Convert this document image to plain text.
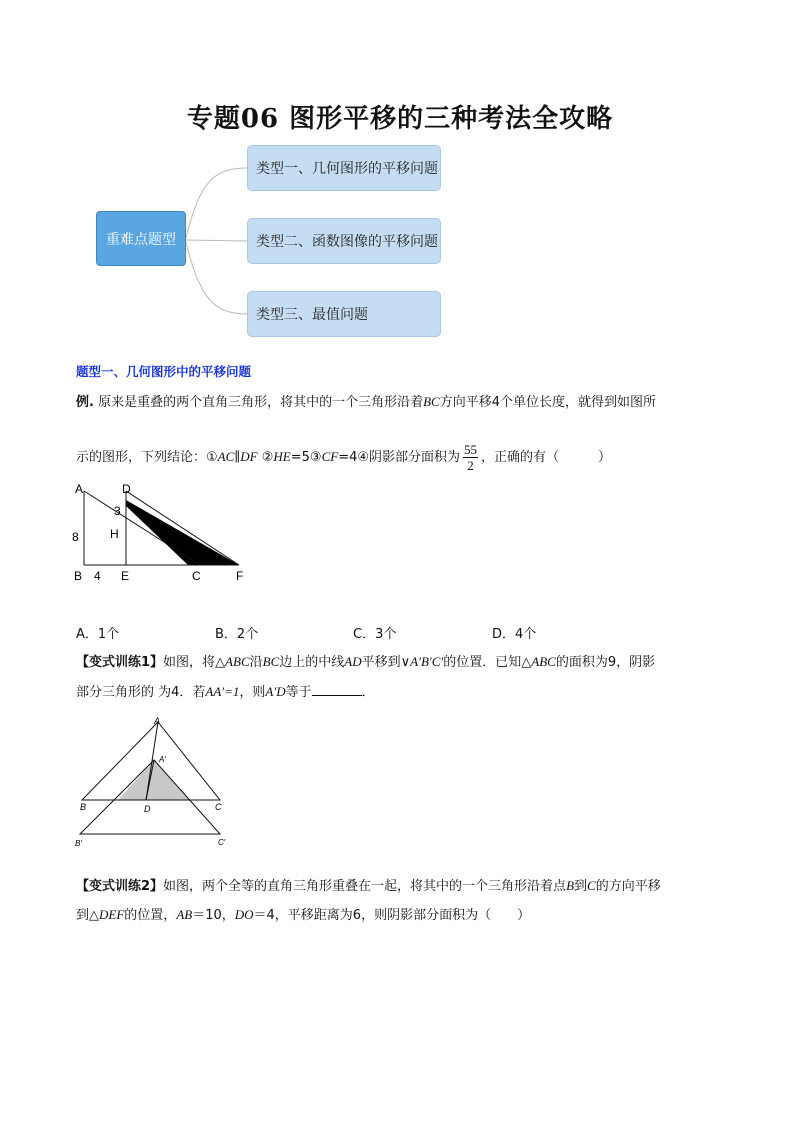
专题06 图形平移的三种考法全攻略
重难点题型
类型一、几何图形的平移问题
类型二、函数图像的平移问题
类型三、最值问题
题型一、几何图形中的平移问题
例. 原来是重叠的两个直角三角形，将其中的一个三角形沿着BC方向平移4个单位长度，就得到如图所
示的图形，下列结论：①AC∥DF ②HE=5③CF=4④阴影部分面积为 $\frac{55}{2}$ ，正确的有（　　　）
A	D
3
H
8
B 4 E	C	F
A．1个	B．2个	C．3个	D．4个
【变式训练1】如图，将△ABC沿BC边上的中线AD平移到∨A′B′C′的位置．已知△ABC的面积为9，阴影
部分三角形的 为4．若AA′=1，则A′D等于	．
A
A′
B	D	C
B′	C′
【变式训练2】如图，两个全等的直角三角形重叠在一起，将其中的一个三角形沿着点B到C的方向平移
到△DEF的位置，AB＝10，DO＝4，平移距离为6，则阴影部分面积为（　　）
